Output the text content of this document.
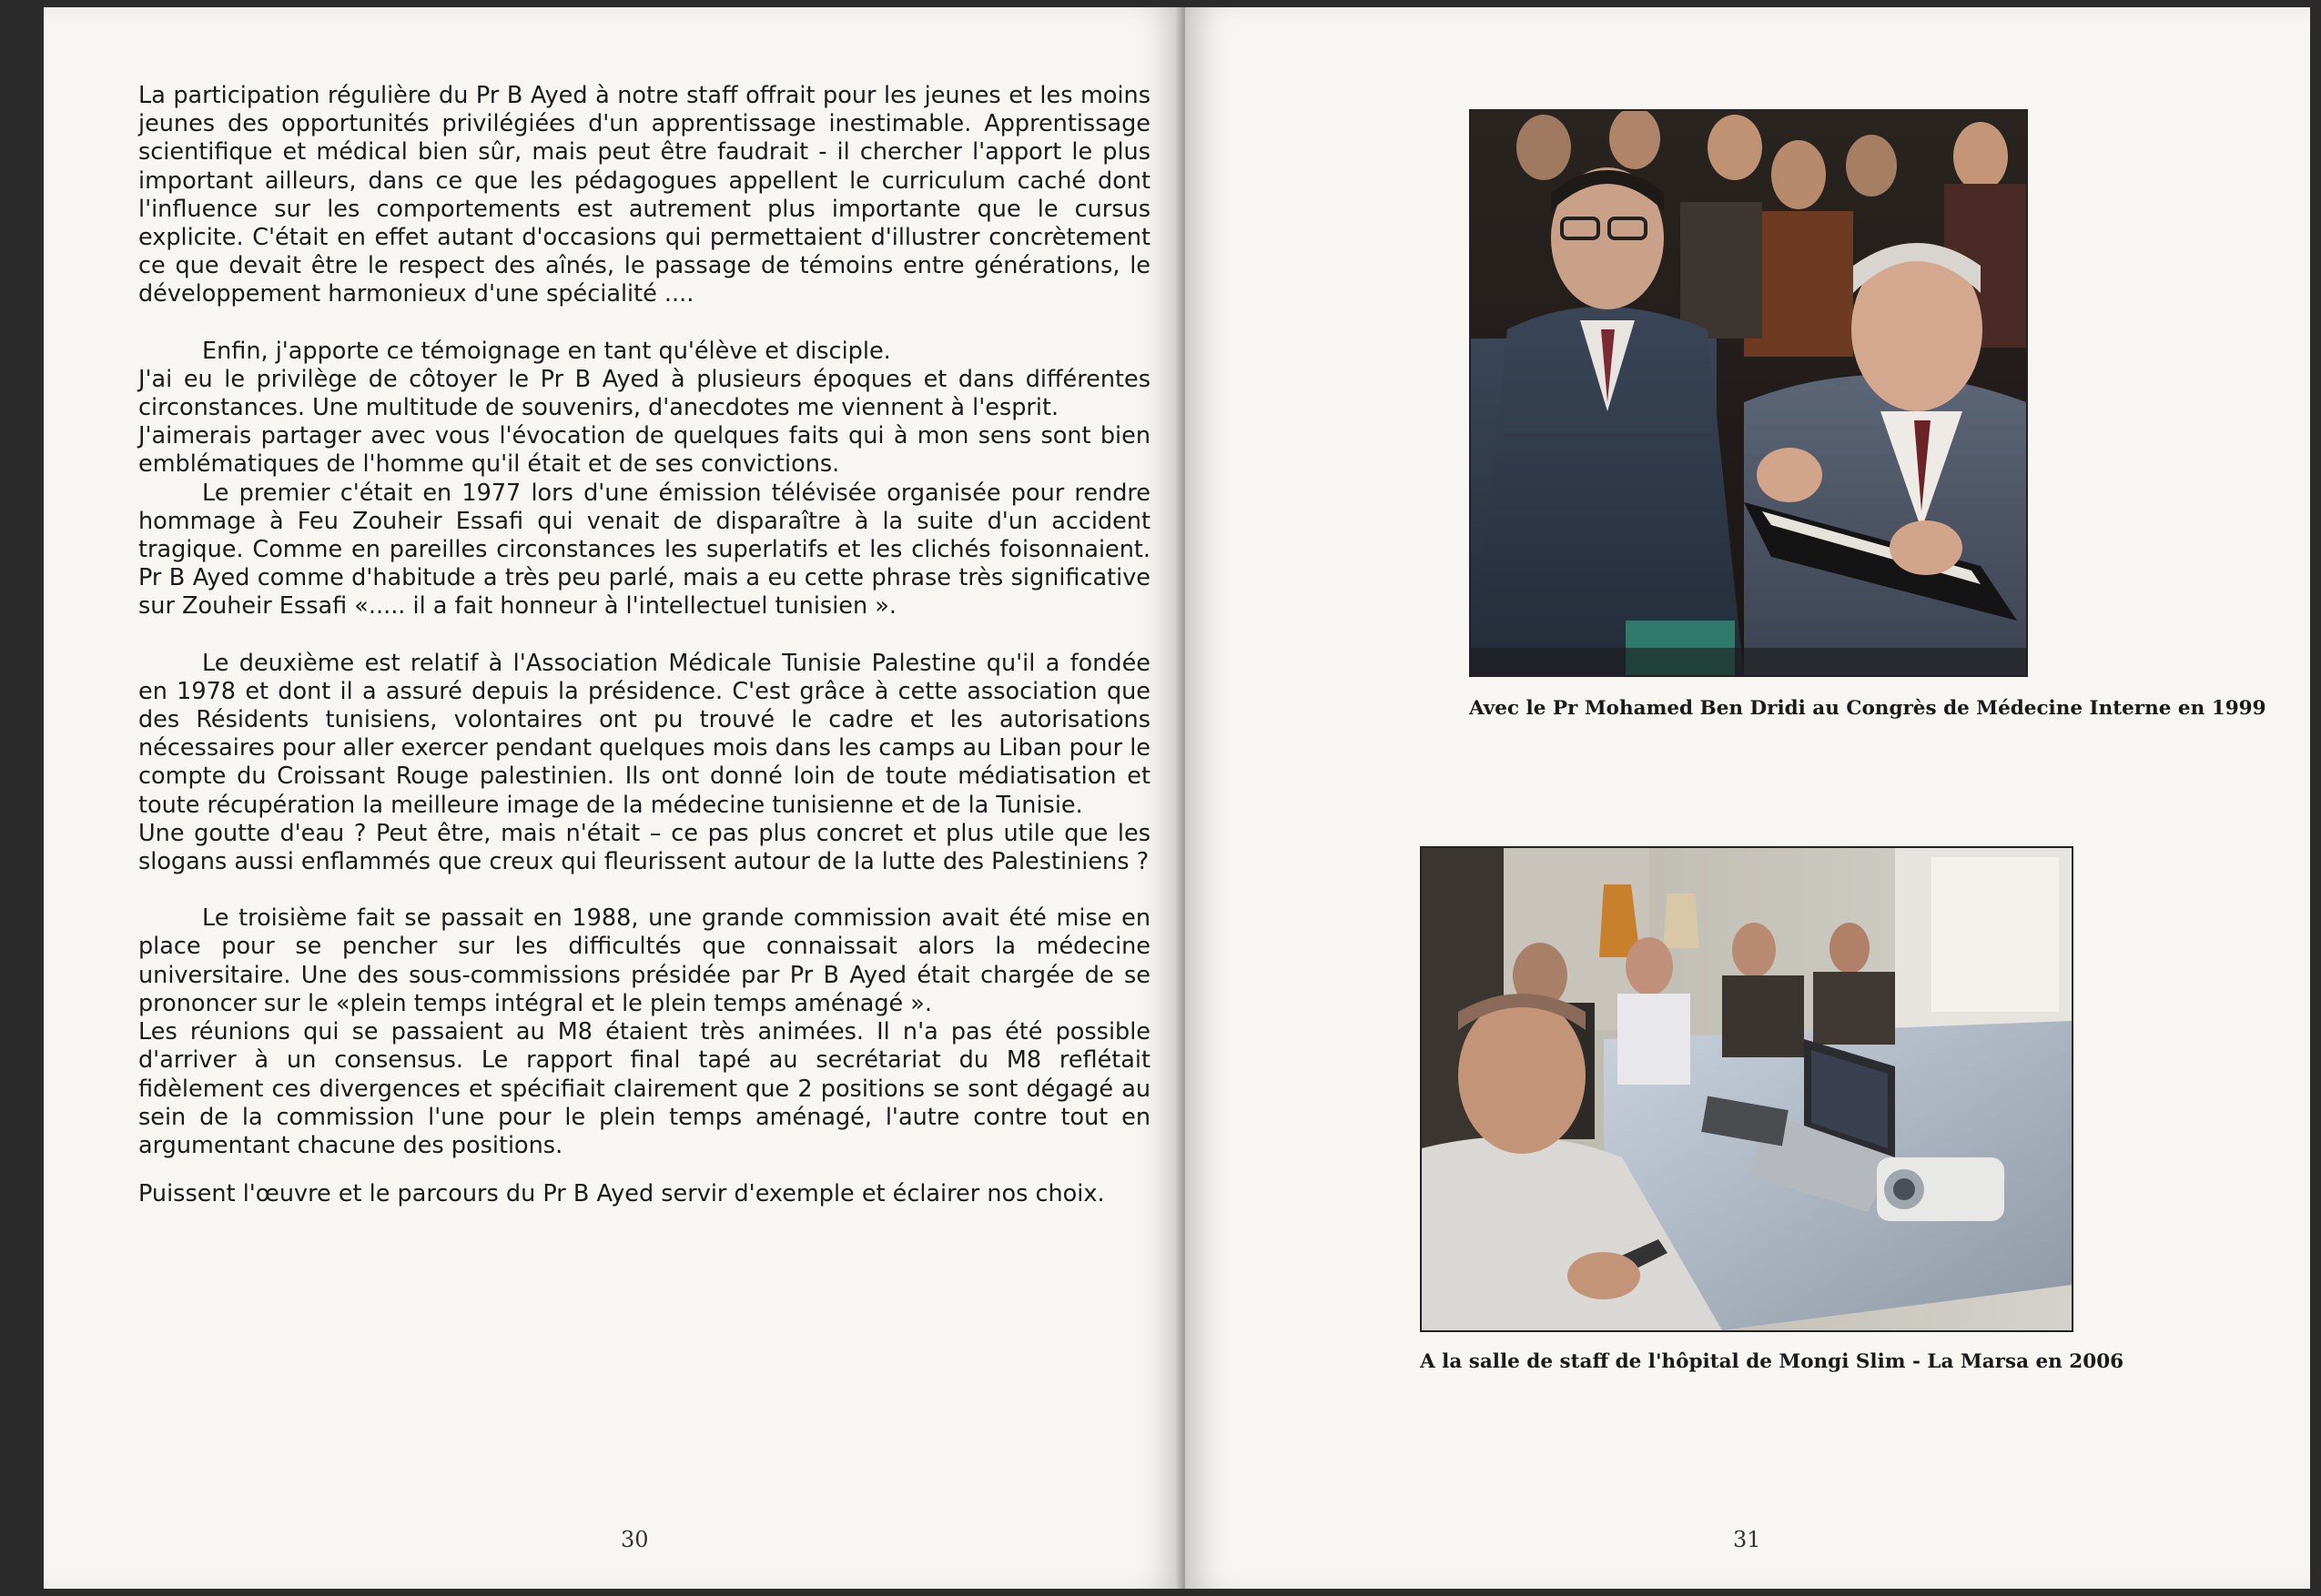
La participation régulière du Pr B Ayed à notre staff offrait pour les jeunes et les moins jeunes des opportunités privilégiées d'un apprentissage inestimable. Apprentissage scientifique et médical bien sûr, mais peut être faudrait - il chercher l'apport le plus important ailleurs, dans ce que les pédagogues appellent le curriculum caché dont l'influence sur les comportements est autrement plus importante que le cursus explicite. C'était en effet autant d'occasions qui permettaient d'illustrer concrètement ce que devait être le respect des aînés, le passage de témoins entre générations, le développement harmonieux d'une spécialité ....

Enfin, j'apporte ce témoignage en tant qu'élève et disciple.

J'ai eu le privilège de côtoyer le Pr B Ayed à plusieurs époques et dans différentes circonstances. Une multitude de souvenirs, d'anecdotes me viennent à l'esprit.

J'aimerais partager avec vous l'évocation de quelques faits qui à mon sens sont bien emblématiques de l'homme qu'il était et de ses convictions.

Le premier c'était en 1977 lors d'une émission télévisée organisée pour rendre hommage à Feu Zouheir Essafi qui venait de disparaître à la suite d'un accident tragique. Comme en pareilles circonstances les superlatifs et les clichés foisonnaient. Pr B Ayed comme d'habitude a très peu parlé, mais a eu cette phrase très significative sur Zouheir Essafi «..... il a fait honneur à l'intellectuel tunisien ».

Le deuxième est relatif à l'Association Médicale Tunisie Palestine qu'il a fondée en 1978 et dont il a assuré depuis la présidence. C'est grâce à cette association que des Résidents tunisiens, volontaires ont pu trouvé le cadre et les autorisations nécessaires pour aller exercer pendant quelques mois dans les camps au Liban pour le compte du Croissant Rouge palestinien. Ils ont donné loin de toute médiatisation et toute récupération la meilleure image de la médecine tunisienne et de la Tunisie.

Une goutte d'eau ? Peut être, mais n'était – ce pas plus concret et plus utile que les slogans aussi enflammés que creux qui fleurissent autour de la lutte des Palestiniens ?

Le troisième fait se passait en 1988, une grande commission avait été mise en place pour se pencher sur les difficultés que connaissait alors la médecine universitaire. Une des sous-commissions présidée par Pr B Ayed était chargée de se prononcer sur le «plein temps intégral et le plein temps aménagé ».

Les réunions qui se passaient au M8 étaient très animées. Il n'a pas été possible d'arriver à un consensus. Le rapport final tapé au secrétariat du M8 reflétait fidèlement ces divergences et spécifiait clairement que 2 positions se sont dégagé au sein de la commission l'une pour le plein temps aménagé, l'autre contre tout en argumentant chacune des positions.

Puissent l'œuvre et le parcours du Pr B Ayed servir d'exemple et éclairer nos choix.

30
Avec le Pr Mohamed Ben Dridi au Congrès de Médecine Interne en 1999
A la salle de staff de l'hôpital de Mongi Slim - La Marsa en 2006
31
